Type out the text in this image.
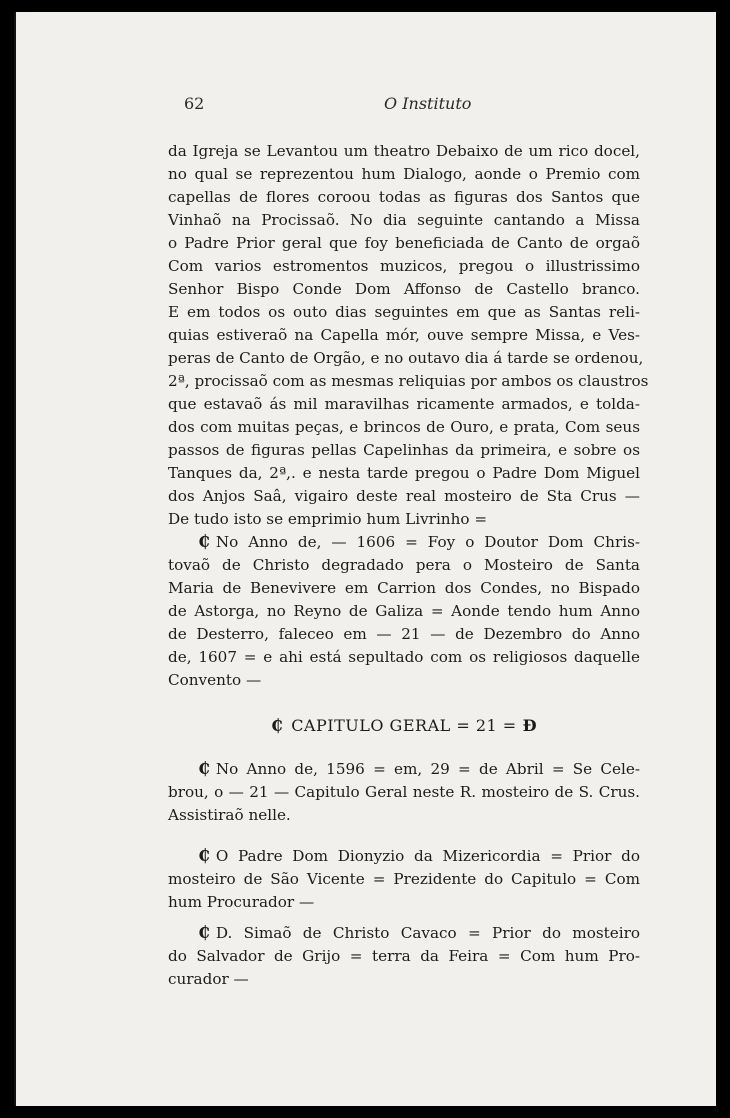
62	O Instituto

da Igreja se Levantou um theatro Debaixo de um rico docel,
no qual se reprezentou hum Dialogo, aonde o Premio com
capellas de flores coroou todas as figuras dos Santos que
Vinhaõ na Procissaõ. No dia seguinte cantando a Missa
o Padre Prior geral que foy beneficiada de Canto de orgaõ
Com varios estromentos muzicos, pregou o illustrissimo
Senhor Bispo Conde Dom Affonso de Castello branco.
E em todos os outo dias seguintes em que as Santas reli-
quias estiveraõ na Capella mór, ouve sempre Missa, e Ves-
peras de Canto de Orgão, e no outavo dia á tarde se ordenou,
2ª, procissaõ com as mesmas reliquias por ambos os claustros
que estavaõ ás mil maravilhas ricamente armados, e tolda-
dos com muitas peças, e brincos de Ouro, e prata, Com seus
passos de figuras pellas Capelinhas da primeira, e sobre os
Tanques da, 2ª,. e nesta tarde pregou o Padre Dom Miguel
dos Anjos Saâ, vigairo deste real mosteiro de Sta Crus —
De tudo isto se emprimio hum Livrinho =

₵ No Anno de, — 1606 = Foy o Doutor Dom Chris-
tovaõ de Christo degradado pera o Mosteiro de Santa
Maria de Benevivere em Carrion dos Condes, no Bispado
de Astorga, no Reyno de Galiza = Aonde tendo hum Anno
de Desterro, faleceo em — 21 — de Dezembro do Anno
de, 1607 = e ahi está sepultado com os religiosos daquelle
Convento —

₵ CAPITULO GERAL = 21 = Ɖ

₵ No Anno de, 1596 = em, 29 = de Abril = Se Cele-
brou, o — 21 — Capitulo Geral neste R. mosteiro de S. Crus.
Assistiraõ nelle.

₵ O Padre Dom Dionyzio da Mizericordia = Prior do
mosteiro de São Vicente = Prezidente do Capitulo = Com
hum Procurador —

₵ D. Simaõ de Christo Cavaco = Prior do mosteiro
do Salvador de Grijo = terra da Feira = Com hum Pro-
curador —
